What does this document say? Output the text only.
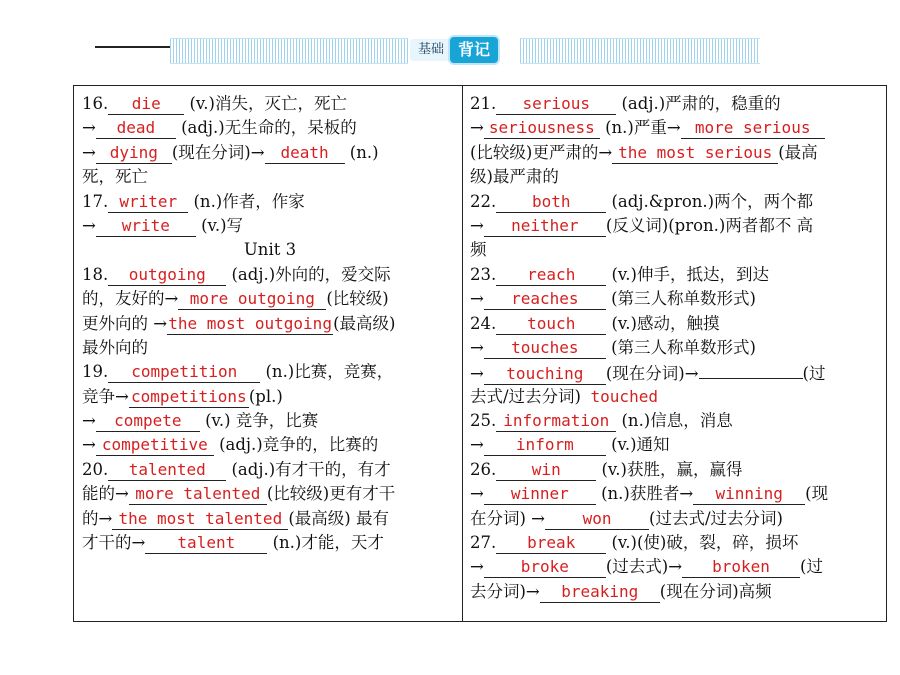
基础 背记
16. die (v.)消失，灭亡，死亡
→ dead (adj.)无生命的，呆板的
→ dying (现在分词)→ death (n.)
死，死亡
17. writer (n.)作者，作家
→ write (v.)写
Unit 3
18. outgoing (adj.)外向的，爱交际
的，友好的→ more outgoing (比较级)
更外向的 →the most outgoing(最高级)
最外向的
19. competition (n.)比赛，竞赛，
竞争→ competitions (pl.)
→ compete (v.) 竞争，比赛
→ competitive (adj.)竞争的，比赛的
20. talented (adj.)有才干的，有才
能的→ more talented (比较级)更有才干
的→ the most talented (最高级) 最有
才干的→ talent (n.)才能，天才
21. serious (adj.)严肃的，稳重的
→ seriousness (n.)严重→ more serious
(比较级)更严肃的→ the most serious (最高
级)最严肃的
22. both (adj.&pron.)两个，两个都
→ neither (反义词)(pron.)两者都不 高
频
23. reach (v.)伸手，抵达，到达
→ reaches (第三人称单数形式)
24. touch (v.)感动，触摸
→ touches (第三人称单数形式)
→ touching (现在分词)→	(过
去式/过去分词) touched
25. information (n.)信息，消息
→ inform (v.)通知
26. win (v.)获胜，赢，赢得
→ winner (n.)获胜者→ winning (现
在分词) → won (过去式/过去分词)
27. break (v.)(使)破，裂，碎，损坏
→ broke (过去式)→ broken (过
去分词)→ breaking (现在分词)高频
